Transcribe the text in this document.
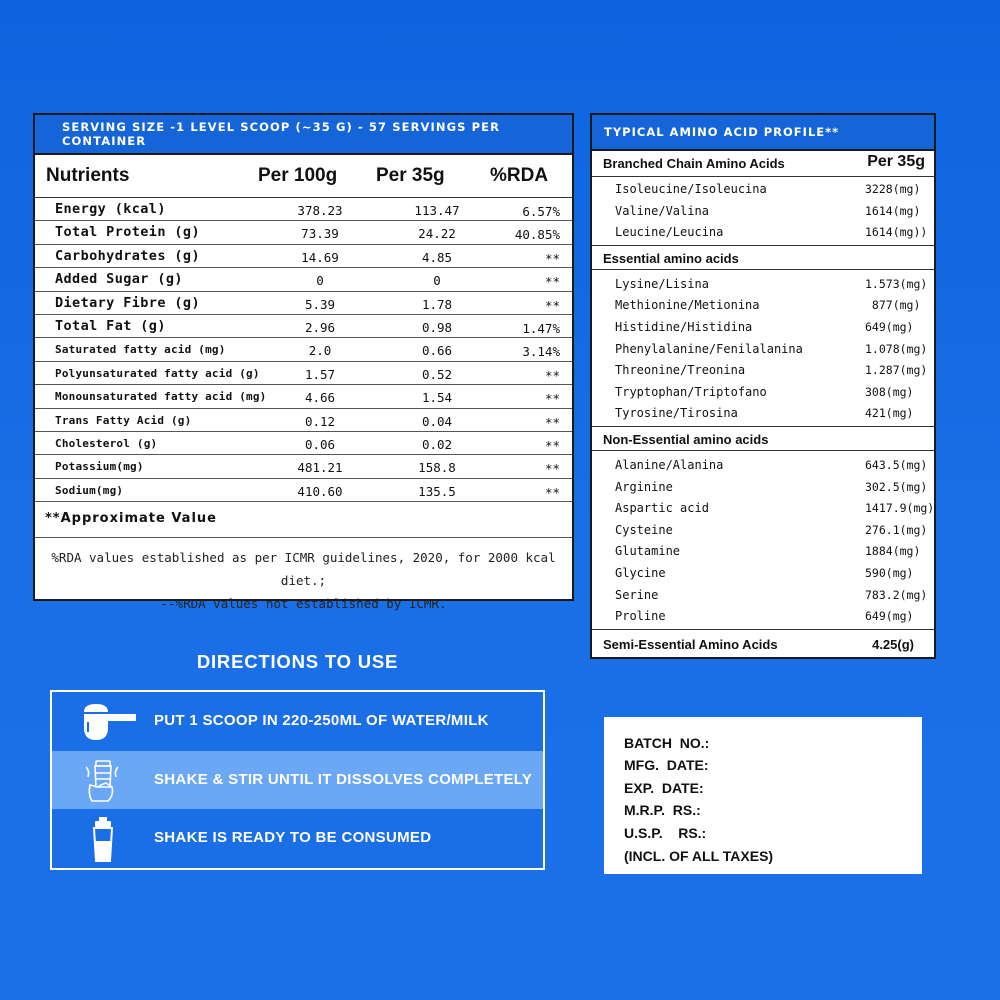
SERVING SIZE -1 LEVEL SCOOP (~35 G) - 57 SERVINGS PER CONTAINER
Nutrients	Per 100g Per 35g %RDA
Energy (kcal)	378.23	113.47	6.57%
Total Protein (g)	73.39	24.22	40.85%
Carbohydrates (g)	14.69	4.85	**
Added Sugar (g)	0	0	**
Dietary Fibre (g)	5.39	1.78	**
Total Fat (g)	2.96	0.98	1.47%
Saturated fatty acid (mg)	2.0	0.66	3.14%
Polyunsaturated fatty acid (g)	1.57	0.52	**
Monounsaturated fatty acid (mg)	4.66	1.54	**
Trans Fatty Acid (g)	0.12	0.04	**
Cholesterol (g)	0.06	0.02	**
Potassium(mg)	481.21	158.8	**
Sodium(mg)	410.60	135.5	**
**Approximate Value
%RDA values established as per ICMR guidelines, 2020, for 2000 kcal diet.;
--%RDA values not established by ICMR.
TYPICAL AMINO ACID PROFILE**
Branched Chain Amino Acids	Per 35g
Isoleucine/Isoleucina	3228(mg)
Valine/Valina	1614(mg)
Leucine/Leucina	1614(mg))
Essential amino acids
Lysine/Lisina	1.573(mg)
Methionine/Metionina	877(mg)
Histidine/Histidina	649(mg)
Phenylalanine/Fenilalanina	1.078(mg)
Threonine/Treonina	1.287(mg)
Tryptophan/Triptofano	308(mg)
Tyrosine/Tirosina	421(mg)
Non-Essential amino acids
Alanine/Alanina	643.5(mg)
Arginine	302.5(mg)
Aspartic acid	1417.9(mg)
Cysteine	276.1(mg)
Glutamine	1884(mg)
Glycine	590(mg)
Serine	783.2(mg)
Proline	649(mg)
Semi-Essential Amino Acids	4.25(g)
DIRECTIONS TO USE
PUT 1 SCOOP IN 220-250ML OF WATER/MILK
SHAKE & STIR UNTIL IT DISSOLVES COMPLETELY
SHAKE IS READY TO BE CONSUMED
BATCH  NO.:
MFG.  DATE:
EXP.  DATE:
M.R.P.  RS.:
U.S.P.    RS.:
(INCL. OF ALL TAXES)
